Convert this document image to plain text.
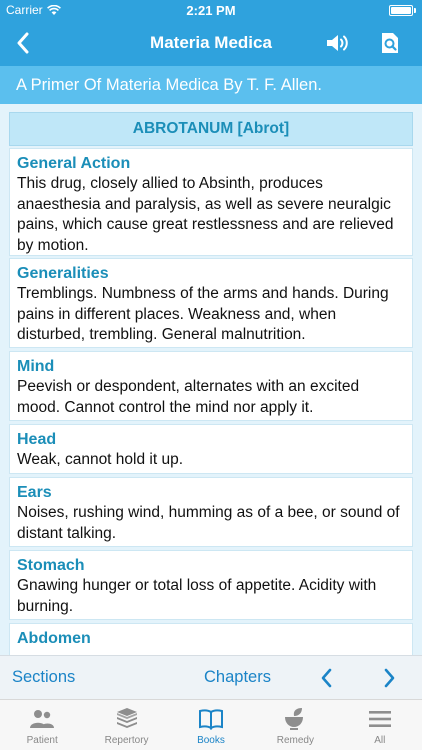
Carrier	2:21 PM
Materia Medica
A Primer Of Materia Medica By T. F. Allen.
ABROTANUM [Abrot]
General Action
This drug, closely allied to Absinth, produces anaesthesia and paralysis, as well as severe neuralgic pains, which cause great restlessness and are relieved by motion.
Generalities
Tremblings. Numbness of the arms and hands. During pains in different places. Weakness and, when disturbed, trembling. General malnutrition.
Mind
Peevish or despondent, alternates with an excited mood. Cannot control the mind nor apply it.
Head
Weak, cannot hold it up.
Ears
Noises, rushing wind, humming as of a bee, or sound of distant talking.
Stomach
Gnawing hunger or total loss of appetite. Acidity with burning.
Abdomen
Sections	Chapters
Patient	Repertory	Books	Remedy	All
